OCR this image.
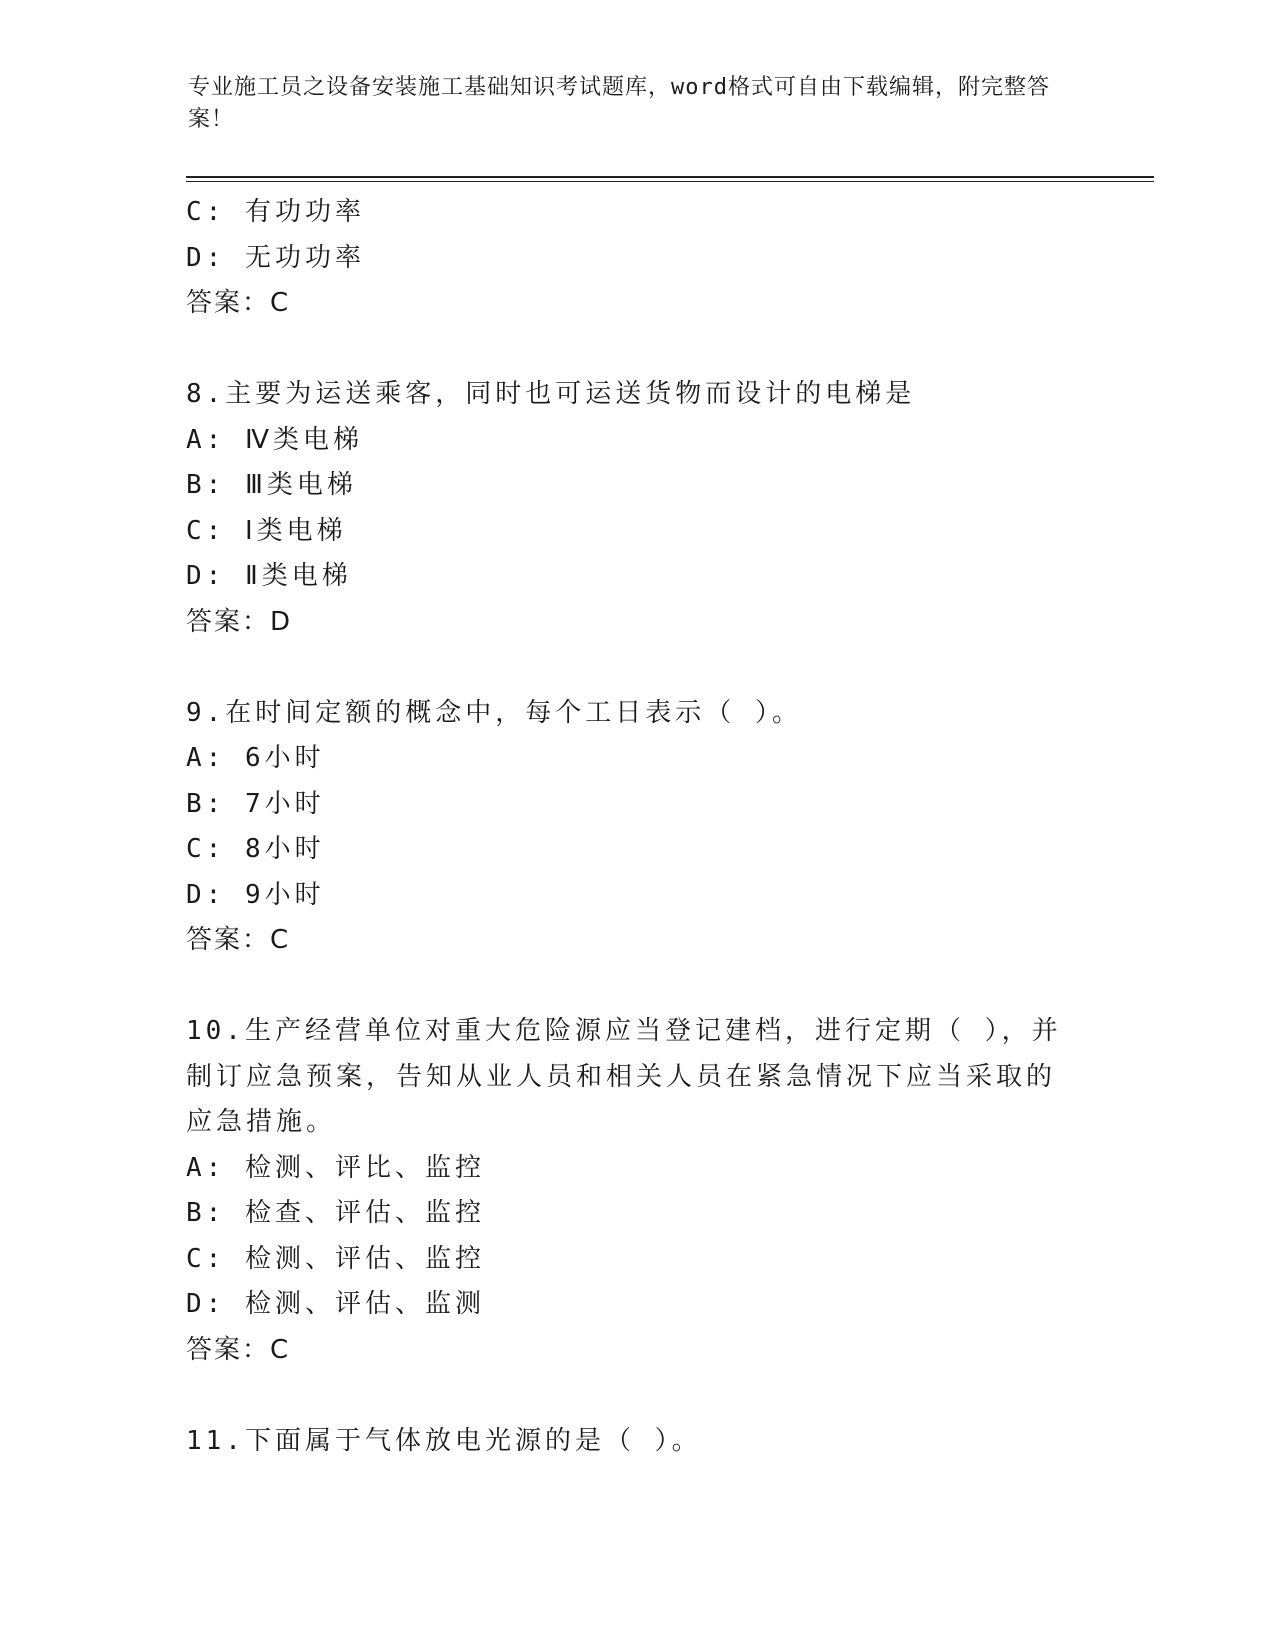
专业施工员之设备安装施工基础知识考试题库，word格式可自由下载编辑，附完整答案！
C: 有功功率
D: 无功功率
答案：C
8.主要为运送乘客，同时也可运送货物而设计的电梯是
A: Ⅳ类电梯
B: Ⅲ类电梯
C: Ⅰ类电梯
D: Ⅱ类电梯
答案：D
9.在时间定额的概念中，每个工日表示（ ）。
A: 6小时
B: 7小时
C: 8小时
D: 9小时
答案：C
10.生产经营单位对重大危险源应当登记建档，进行定期（ ），并制订应急预案，告知从业人员和相关人员在紧急情况下应当采取的应急措施。
A: 检测、评比、监控
B: 检查、评估、监控
C: 检测、评估、监控
D: 检测、评估、监测
答案：C
11.下面属于气体放电光源的是（ ）。
